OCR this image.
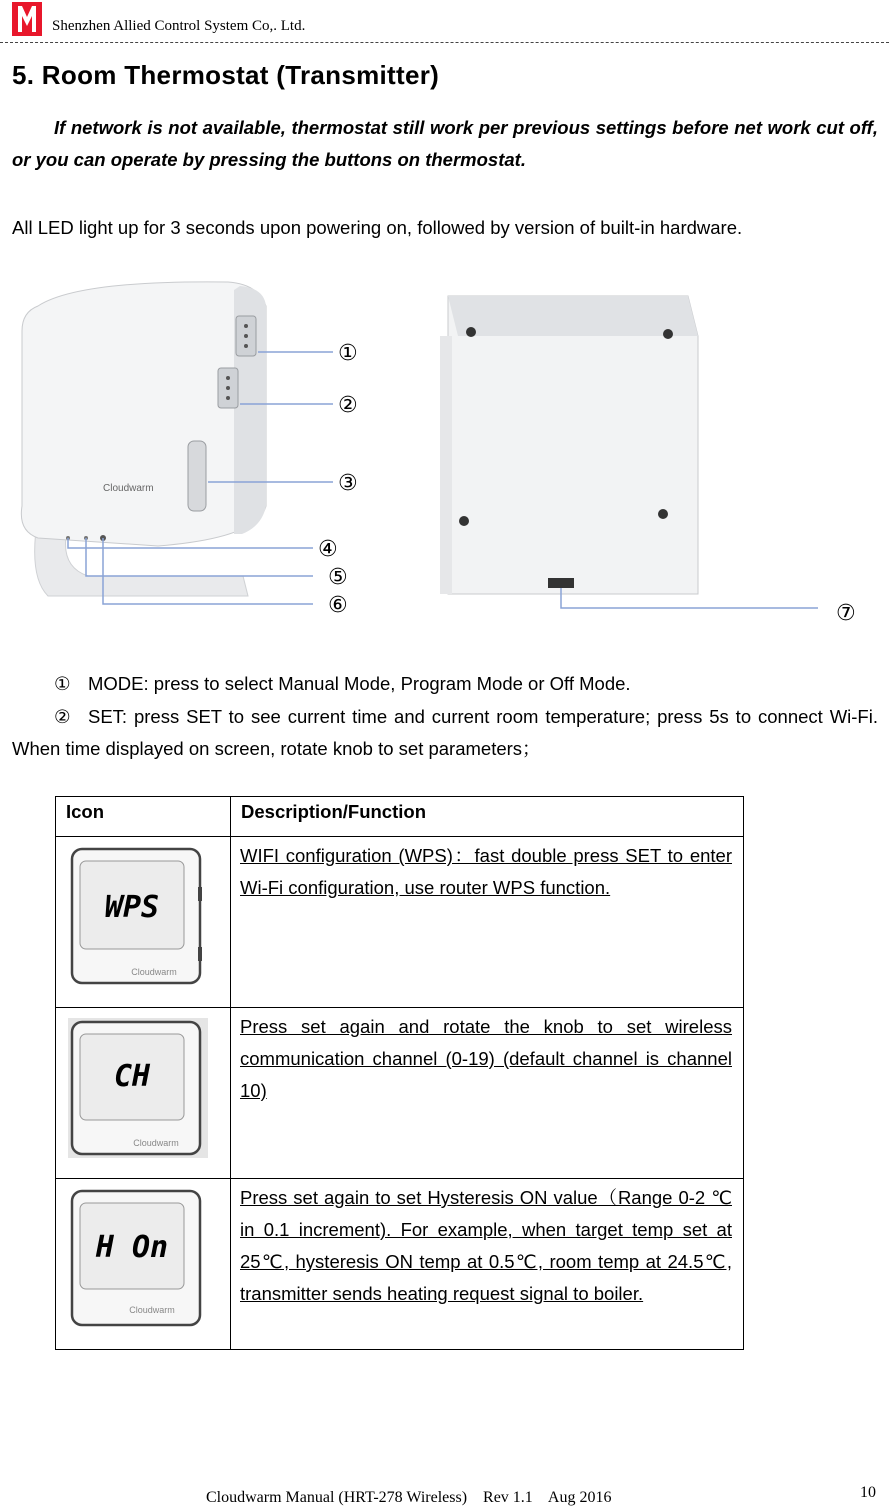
Shenzhen Allied Control System Co,. Ltd.
5. Room Thermostat (Transmitter)

If network is not available, thermostat still work per previous settings before net work cut off, or you can operate by pressing the buttons on thermostat.

All LED light up for 3 seconds upon powering on, followed by version of built-in hardware.

Cloudwarm
①
②
③
④
⑤
⑥	⑦

① MODE: press to select Manual Mode, Program Mode or Off Mode.

② SET: press SET to see current time and current room temperature; press 5s to connect Wi-Fi. When time displayed on screen, rotate knob to set parameters；

Icon	Description/Function

WPS
Cloudwarm	WIFI configuration (WPS)：fast double press SET to enter Wi-Fi configuration, use router WPS function.

CH
Cloudwarm	Press set again and rotate the knob to set wireless communication channel (0-19) (default channel is channel 10)

H On
Cloudwarm	Press set again to set Hysteresis ON value（Range 0-2 ℃ in 0.1 increment). For example, when target temp set at 25℃, hysteresis ON temp at 0.5℃, room temp at 24.5℃, transmitter sends heating request signal to boiler.
Cloudwarm Manual (HRT-278 Wireless)    Rev 1.1    Aug 2016	10
